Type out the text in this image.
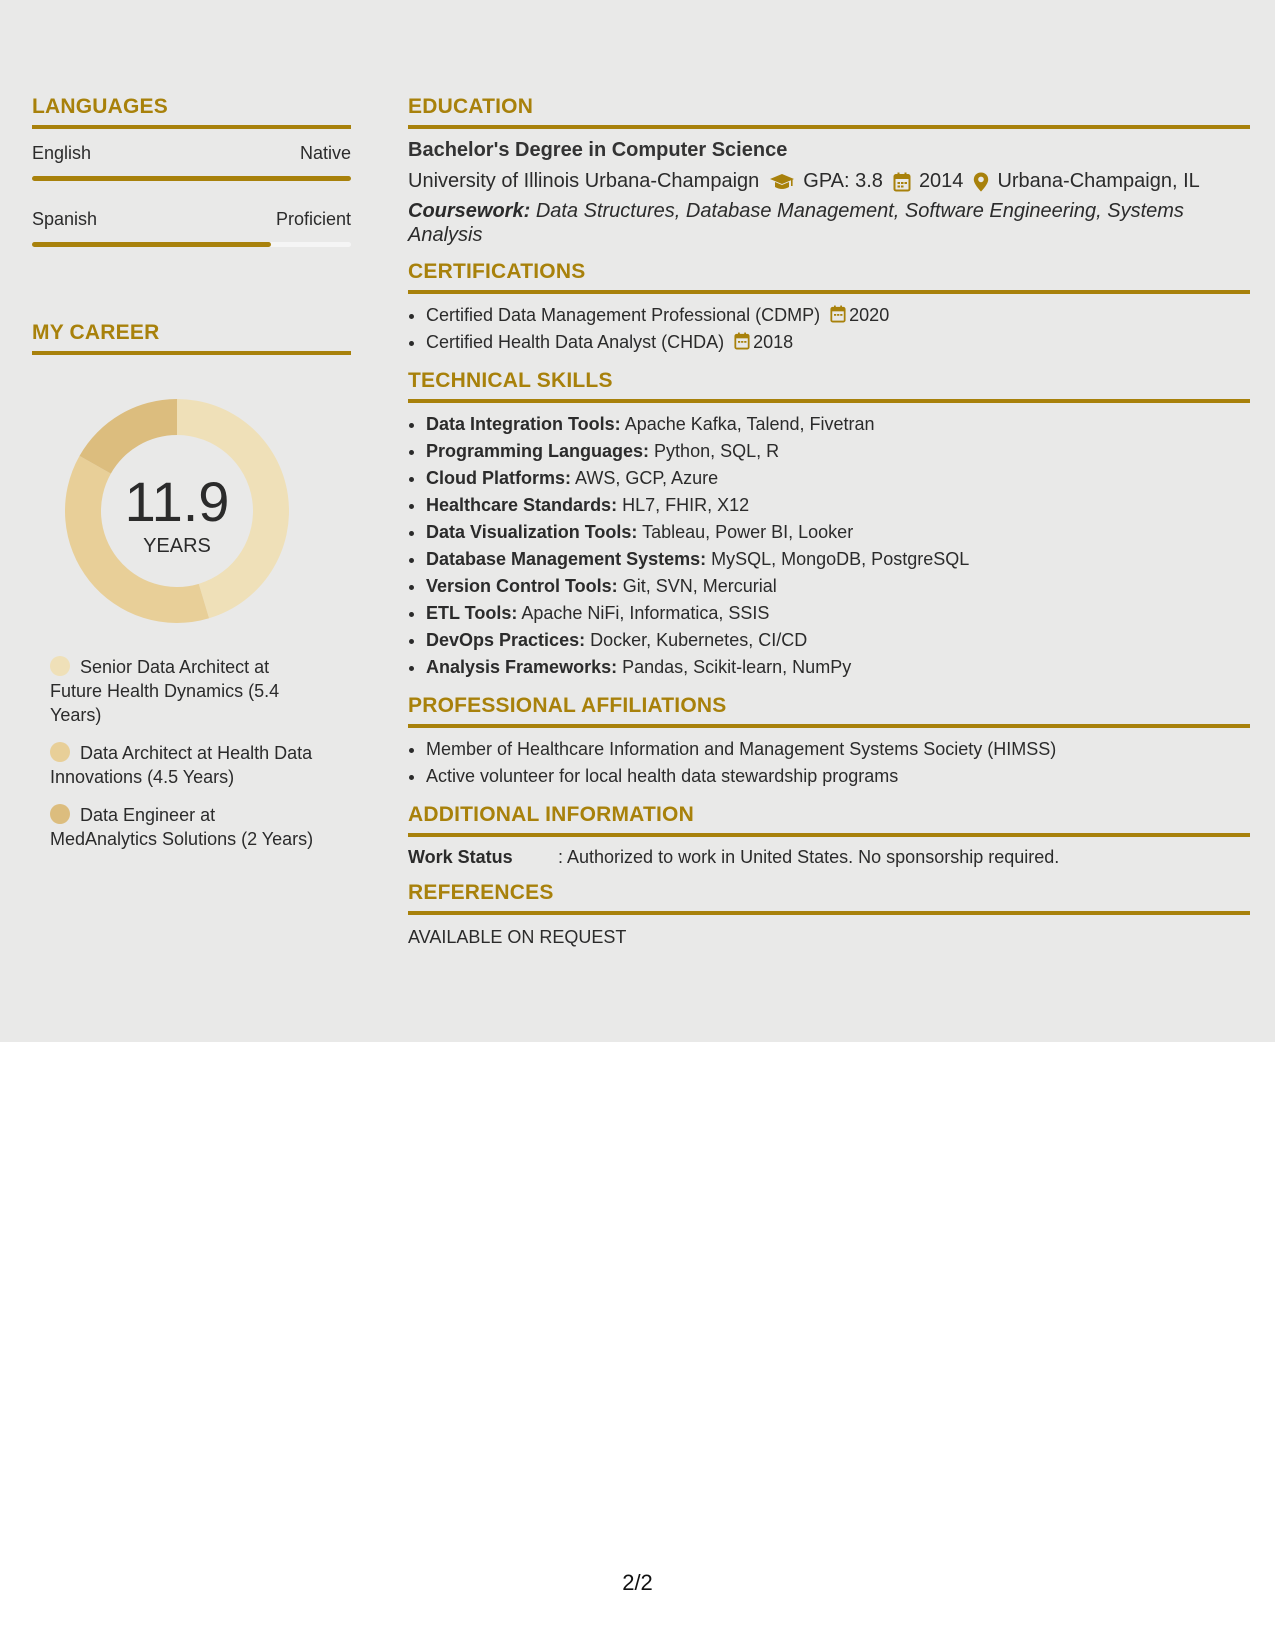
LANGUAGES
English	Native
Spanish	Proficient
MY CAREER
11.9
YEARS
Senior Data Architect at Future Health Dynamics (5.4 Years)
Data Architect at Health Data Innovations (4.5 Years)
Data Engineer at MedAnalytics Solutions (2 Years)
EDUCATION
Bachelor's Degree in Computer Science
University of Illinois Urbana-Champaign GPA: 3.8 2014 Urbana-Champaign, IL
Coursework: Data Structures, Database Management, Software Engineering, Systems Analysis
CERTIFICATIONS
• Certified Data Management Professional (CDMP) 2020
• Certified Health Data Analyst (CHDA) 2018
TECHNICAL SKILLS
• Data Integration Tools: Apache Kafka, Talend, Fivetran
• Programming Languages: Python, SQL, R
• Cloud Platforms: AWS, GCP, Azure
• Healthcare Standards: HL7, FHIR, X12
• Data Visualization Tools: Tableau, Power BI, Looker
• Database Management Systems: MySQL, MongoDB, PostgreSQL
• Version Control Tools: Git, SVN, Mercurial
• ETL Tools: Apache NiFi, Informatica, SSIS
• DevOps Practices: Docker, Kubernetes, CI/CD
• Analysis Frameworks: Pandas, Scikit-learn, NumPy
PROFESSIONAL AFFILIATIONS
• Member of Healthcare Information and Management Systems Society (HIMSS)
• Active volunteer for local health data stewardship programs
ADDITIONAL INFORMATION
Work Status	: Authorized to work in United States. No sponsorship required.
REFERENCES
AVAILABLE ON REQUEST
2/2
